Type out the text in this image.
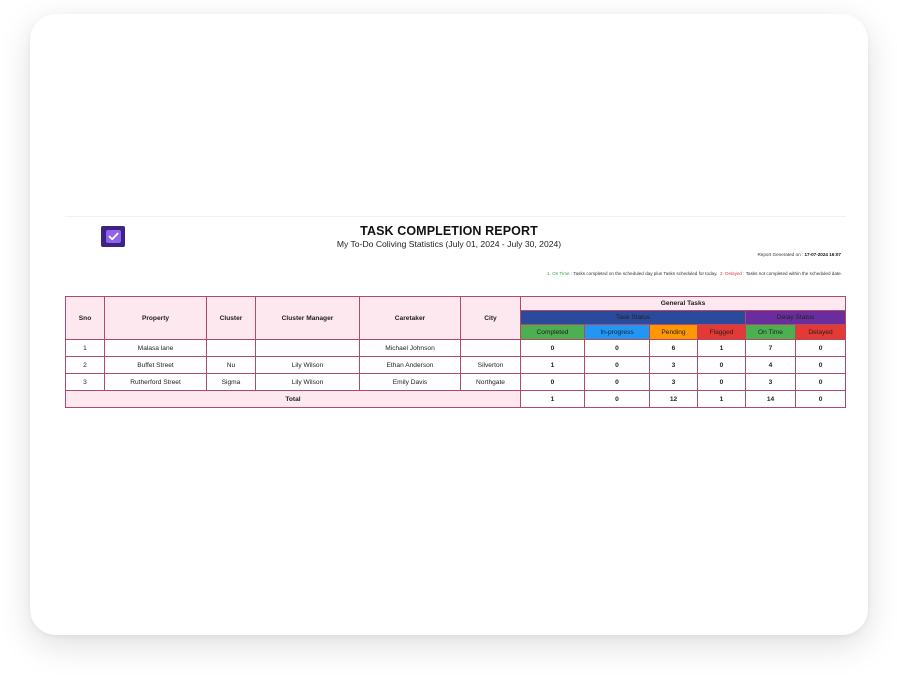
TASK COMPLETION REPORT
My To-Do Coliving Statistics (July 01, 2024 - July 30, 2024)
Report Generated on : 17-07-2024 16:07
1. On Time : Tasks completed on the scheduled day plus Tasks scheduled for today. 2. Delayed : Tasks not completed within the scheduled date.
Sno	Property	Cluster	Cluster Manager	Caretaker	City	General Tasks					
						Task Status				Delay Status	
						Completed	In-progress	Pending	Flagged	On Time	Delayed
1	Malasa lane			Michael Johnson		0	0	6	1	7	0
2	Buffet Street	Nu	Lily Wilson	Ethan Anderson	Silverton	1	0	3	0	4	0
3	Rutherford Street	Sigma	Lily Wilson	Emily Davis	Northgate	0	0	3	0	3	0
Total						1	0	12	1	14	0
